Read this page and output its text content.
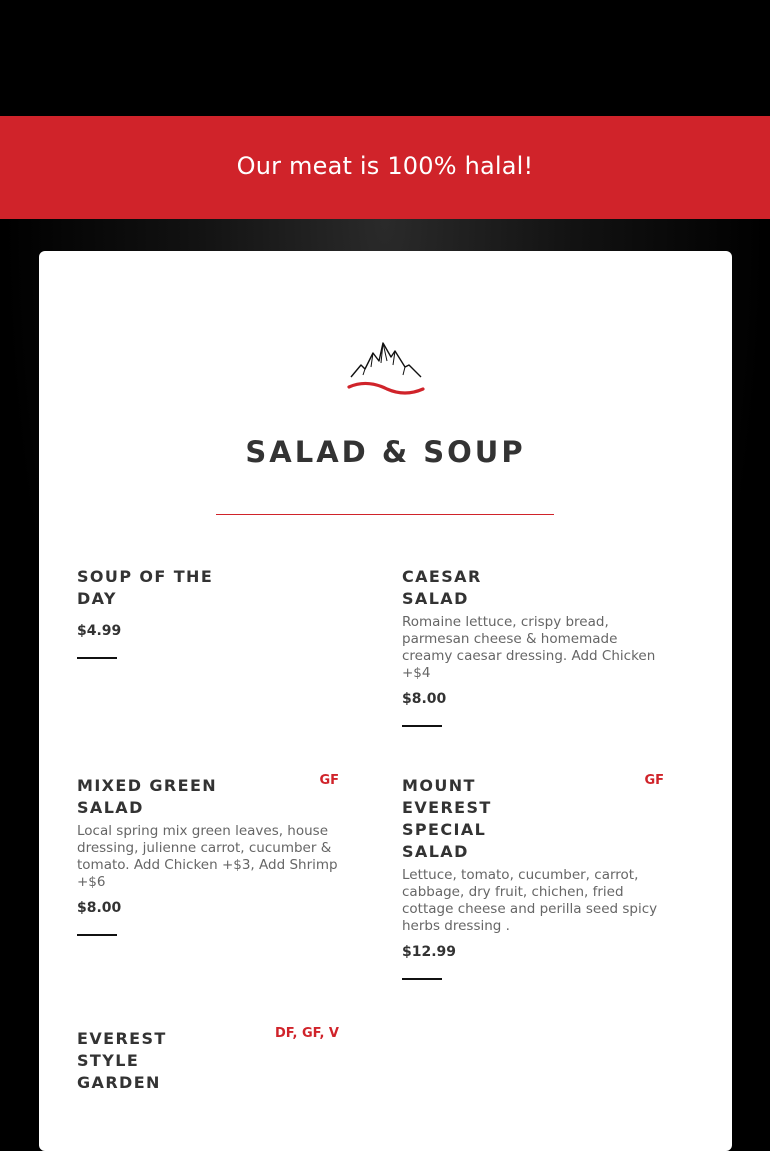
Our meat is 100% halal!
SALAD & SOUP
SOUP OF THE
DAY
$4.99
CAESAR
SALAD
Romaine lettuce, crispy bread, parmesan cheese & homemade creamy caesar dressing. Add Chicken +$4
$8.00
GF
MIXED GREEN
SALAD
Local spring mix green leaves, house dressing, julienne carrot, cucumber & tomato. Add Chicken +$3, Add Shrimp +$6
$8.00
GF
MOUNT
EVEREST
SPECIAL
SALAD
Lettuce, tomato, cucumber, carrot, cabbage, dry fruit, chichen, fried cottage cheese and perilla seed spicy herbs dressing .
$12.99
DF, GF, V
EVEREST
STYLE
GARDEN
